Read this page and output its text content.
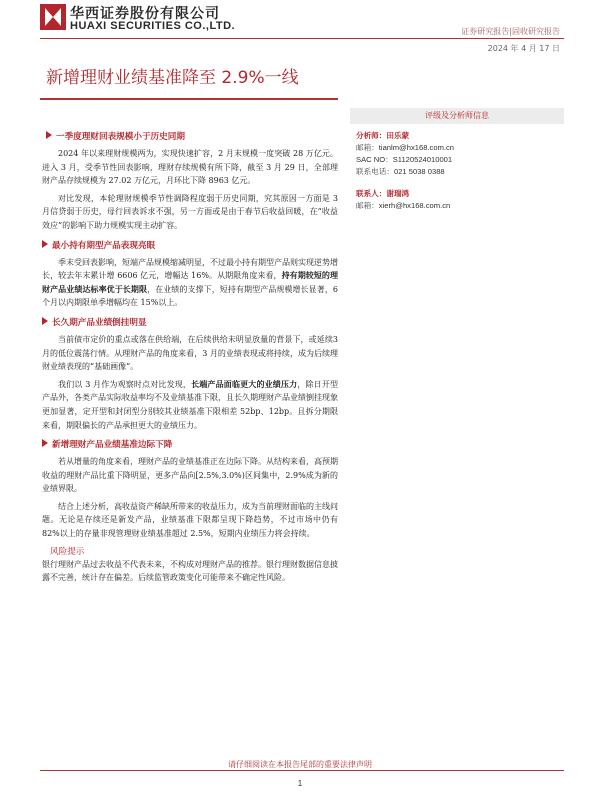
华西证券股份有限公司
HUAXI SECURITIES CO.,LTD.	证券研究报告|固收研究报告
2024 年 4 月 17 日
新增理财业绩基准降至 2.9%一线
一季度理财回表规模小于历史同期

2024 年以来理财规模两为，实现快速扩容，2 月末规模一度突破 28 万亿元。进入 3 月，受季节性回表影响，理财存续规模有所下降，截至 3 月 29 日，全部理财产品存续规模为 27.02 万亿元，月环比下降 8963 亿元。

对比发现，本轮理财规模季节性调降程度弱于历史同期，究其原因一方面是 3 月信贷弱于历史，母行回表诉求不强，另一方面或是由于春节后收益回暖，在“收益效应”的影响下助力规模实现主动扩容。

最小持有期型产品表现亮眼

季末受回表影响，短端产品规模缩减明显，不过最小持有期型产品则实现逆势增长，较去年末累计增 6606 亿元，增幅达 16%。从期限角度来看，持有期较短的理财产品业绩达标率优于长期限，在业绩的支撑下，短持有期型产品规模增长显著，6 个月以内期限单季增幅均在 15%以上。

长久期产品业绩倒挂明显

当前债市定价的重点或落在供给端，在后续供给未明显放量的背景下，或延续3月的低位震荡行情。从理财产品的角度来看，3 月的业绩表现或将持续，成为后续理财业绩表现的“基础画像”。

我们以 3 月作为观察时点对比发现，长端产品面临更大的业绩压力，除日开型产品外，各类产品实际收益率均不及业绩基准下限，且长久期理财产品业绩倒挂现象更加显著，定开型和封闭型分别较其业绩基准下限相差 52bp、12bp。且拆分期限来看，期限偏长的产品承担更大的业绩压力。

新增理财产品业绩基准边际下降

若从增量的角度来看，理财产品的业绩基准正在边际下降。从结构来看，高预期收益的理财产品比重下降明显，更多产品向[2.5%,3.0%)区间集中，2.9%成为新的业绩界限。

结合上述分析，高收益资产稀缺所带来的收益压力，成为当前理财面临的主线问题。无论是存续还是新发产品，业绩基准下限都呈现下降趋势，不过市场中仍有 82%以上的存量非现管理财业绩基准超过 2.5%，短期内业绩压力将会持续。

风险提示

银行理财产品过去收益不代表未来，不构成对理财产品的推荐。银行理财数据信息披露不完善，统计存在偏差。后续监管政策变化可能带来不确定性风险。

评级及分析师信息
分析师：田乐蒙
邮箱：tianlm@hx168.com.cn
SAC NO：S1120524010001
联系电话：021 5038 0388
联系人：谢瑞鸿
邮箱：xierh@hx168.com.cn
请仔细阅读在本报告尾部的重要法律声明
1
